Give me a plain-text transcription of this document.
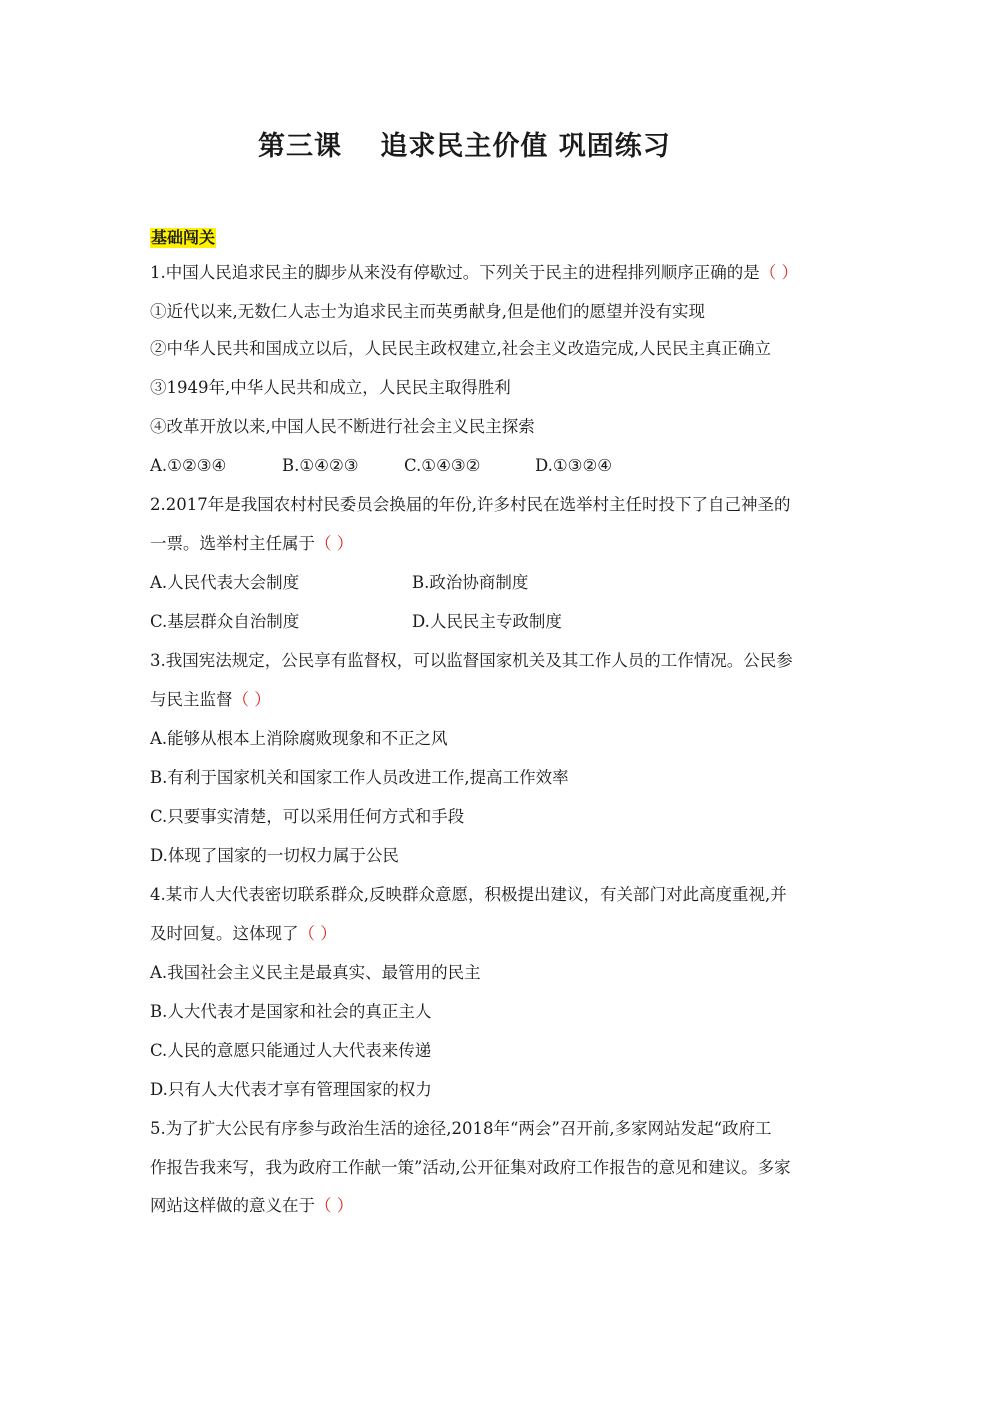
第三课　 追求民主价值 巩固练习
基础闯关
1.中国人民追求民主的脚步从来没有停歇过。下列关于民主的进程排列顺序正确的是（ ）
①近代以来,无数仁人志士为追求民主而英勇献身,但是他们的愿望并没有实现
②中华人民共和国成立以后，人民民主政权建立,社会主义改造完成,人民民主真正确立
③1949年,中华人民共和成立，人民民主取得胜利
④改革开放以来,中国人民不断进行社会主义民主探索
A.①②③④	B.①④②③	C.①④③②	D.①③②④
2.2017年是我国农村村民委员会换届的年份,许多村民在选举村主任时投下了自己神圣的
一票。选举村主任属于（ ）
A.人民代表大会制度	B.政治协商制度
C.基层群众自治制度	D.人民民主专政制度
3.我国宪法规定，公民享有监督权，可以监督国家机关及其工作人员的工作情况。公民参
与民主监督（ ）
A.能够从根本上消除腐败现象和不正之风
B.有利于国家机关和国家工作人员改进工作,提高工作效率
C.只要事实清楚，可以采用任何方式和手段
D.体现了国家的一切权力属于公民
4.某市人大代表密切联系群众,反映群众意愿，积极提出建议，有关部门对此高度重视,并
及时回复。这体现了（ ）
A.我国社会主义民主是最真实、最管用的民主
B.人大代表才是国家和社会的真正主人
C.人民的意愿只能通过人大代表来传递
D.只有人大代表才享有管理国家的权力
5.为了扩大公民有序参与政治生活的途径,2018年“两会”召开前,多家网站发起“政府工
作报告我来写，我为政府工作献一策”活动,公开征集对政府工作报告的意见和建议。多家
网站这样做的意义在于（ ）
